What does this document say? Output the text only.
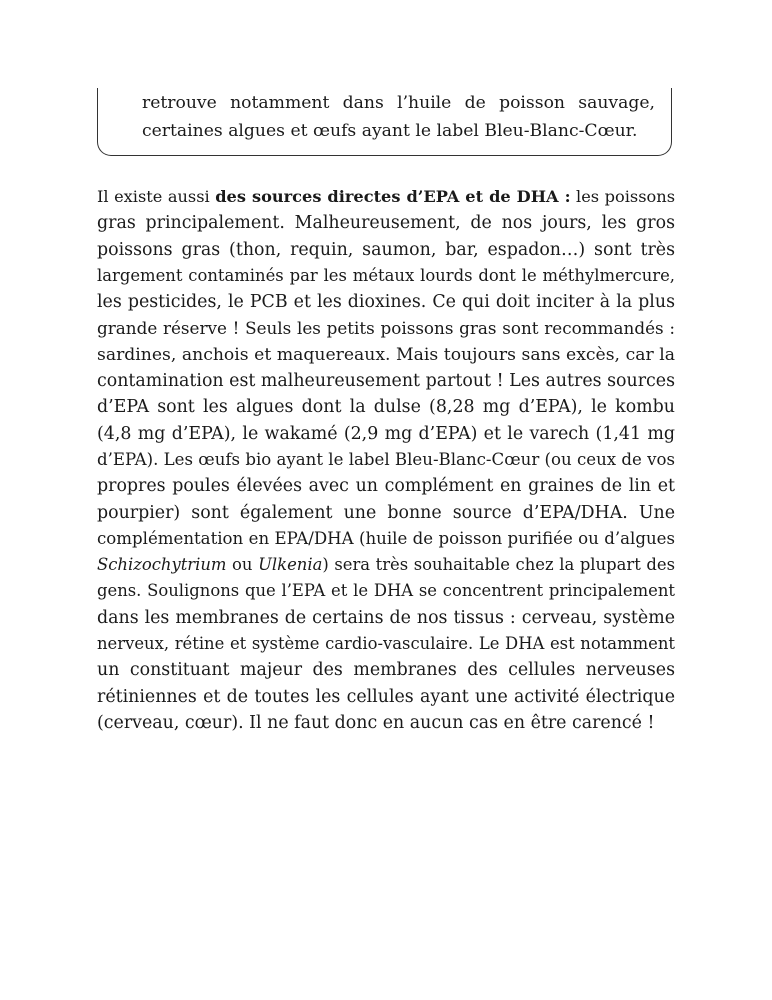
retrouve notamment dans l’huile de poisson sauvage,
certaines algues et œufs ayant le label Bleu-Blanc-Cœur.

Il existe aussi des sources directes d’EPA et de DHA : les poissons
gras principalement. Malheureusement, de nos jours, les gros
poissons gras (thon, requin, saumon, bar, espadon…) sont très
largement contaminés par les métaux lourds dont le méthylmercure,
les pesticides, le PCB et les dioxines. Ce qui doit inciter à la plus
grande réserve ! Seuls les petits poissons gras sont recommandés :
sardines, anchois et maquereaux. Mais toujours sans excès, car la
contamination est malheureusement partout ! Les autres sources
d’EPA sont les algues dont la dulse (8,28 mg d’EPA), le kombu
(4,8 mg d’EPA), le wakamé (2,9 mg d’EPA) et le varech (1,41 mg
d’EPA). Les œufs bio ayant le label Bleu-Blanc-Cœur (ou ceux de vos
propres poules élevées avec un complément en graines de lin et
pourpier) sont également une bonne source d’EPA/DHA. Une
complémentation en EPA/DHA (huile de poisson purifiée ou d’algues
Schizochytrium ou Ulkenia) sera très souhaitable chez la plupart des
gens. Soulignons que l’EPA et le DHA se concentrent principalement
dans les membranes de certains de nos tissus : cerveau, système
nerveux, rétine et système cardio-vasculaire. Le DHA est notamment
un constituant majeur des membranes des cellules nerveuses
rétiniennes et de toutes les cellules ayant une activité électrique
(cerveau, cœur). Il ne faut donc en aucun cas en être carencé !
